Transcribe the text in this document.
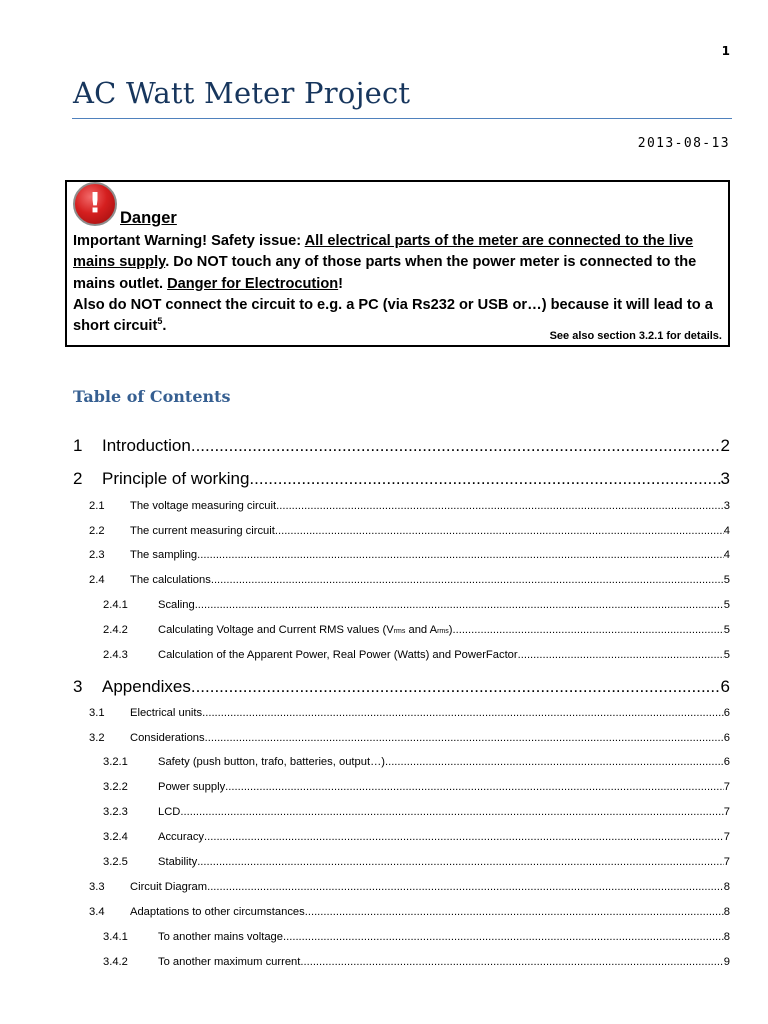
1
AC Watt Meter Project
2013-08-13
!	Danger
Important Warning! Safety issue: All electrical parts of the meter are connected to the live mains supply. Do NOT touch any of those parts when the power meter is connected to the mains outlet. Danger for Electrocution!
Also do NOT connect the circuit to e.g. a PC (via Rs232 or USB or…) because it will lead to a short circuit$^5$.
See also section 3.2.1 for details.
Table of Contents
1	Introduction .....	2
2	Principle of working .....	3
2.1	The voltage measuring circuit .....	3
2.2	The current measuring circuit .....	4
2.3	The sampling .....	4
2.4	The calculations .....	5
2.4.1	Scaling .....	5
2.4.2	Calculating Voltage and Current RMS values (Vrms and Arms) .....	5
2.4.3	Calculation of the Apparent Power, Real Power (Watts) and PowerFactor .....	5
3	Appendixes .....	6
3.1	Electrical units .....	6
3.2	Considerations .....	6
3.2.1	Safety (push button, trafo, batteries, output…) .....	6
3.2.2	Power supply .....	7
3.2.3	LCD .....	7
3.2.4	Accuracy .....	7
3.2.5	Stability .....	7
3.3	Circuit Diagram .....	8
3.4	Adaptations to other circumstances .....	8
3.4.1	To another mains voltage .....	8
3.4.2	To another maximum current .....	9
